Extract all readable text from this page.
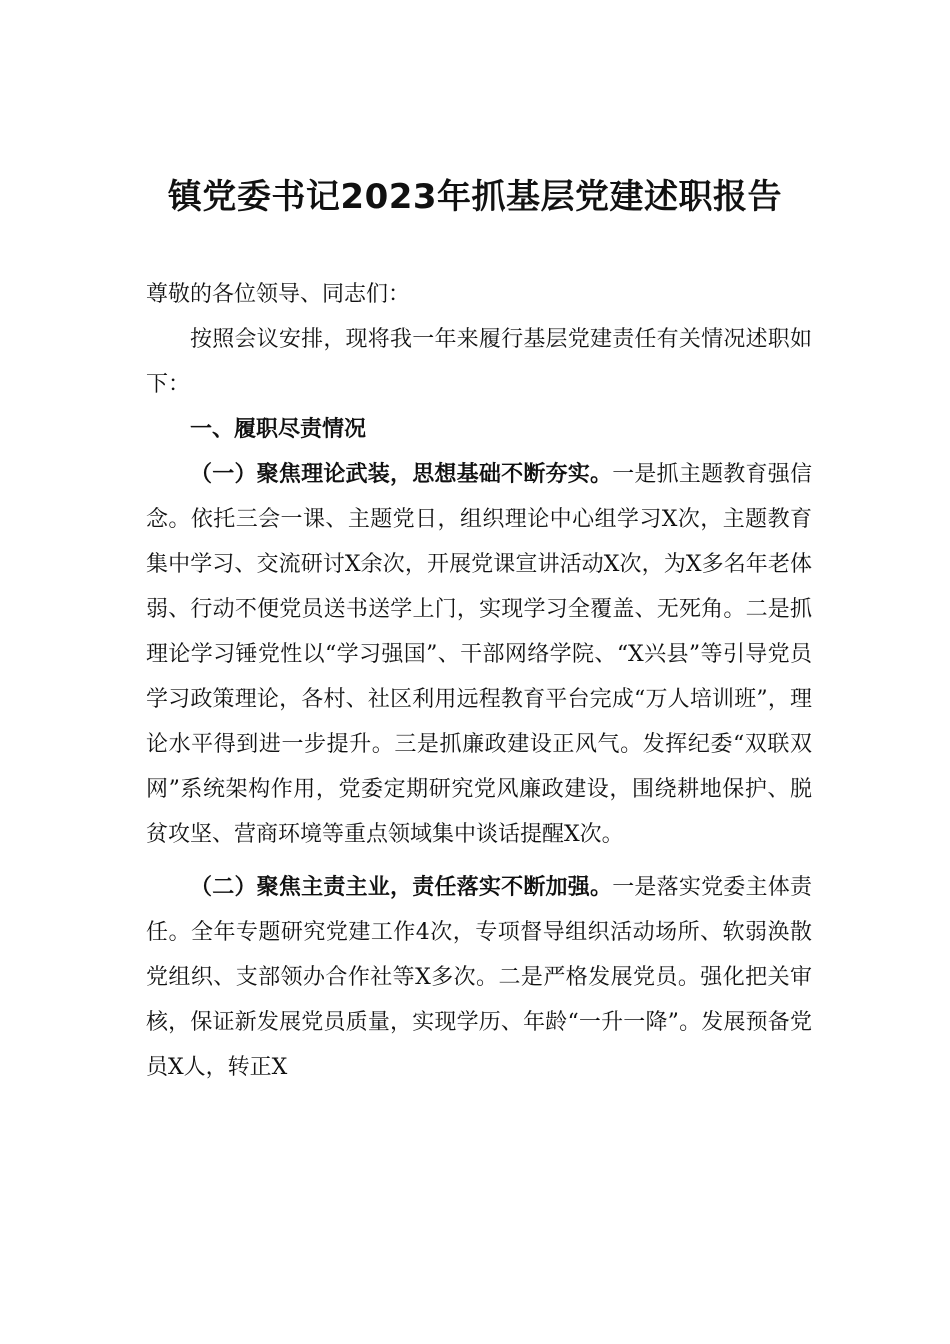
镇党委书记2023年抓基层党建述职报告

尊敬的各位领导、同志们：

按照会议安排，现将我一年来履行基层党建责任有关情况述职如下：

一、履职尽责情况

（一）聚焦理论武装，思想基础不断夯实。一是抓主题教育强信念。依托三会一课、主题党日，组织理论中心组学习X次，主题教育集中学习、交流研讨X余次，开展党课宣讲活动X次，为X多名年老体弱、行动不便党员送书送学上门，实现学习全覆盖、无死角。二是抓理论学习锤党性以“学习强国”、干部网络学院、“X兴县”等引导党员学习政策理论，各村、社区利用远程教育平台完成“万人培训班”，理论水平得到进一步提升。三是抓廉政建设正风气。发挥纪委“双联双网”系统架构作用，党委定期研究党风廉政建设，围绕耕地保护、脱贫攻坚、营商环境等重点领域集中谈话提醒X次。

（二）聚焦主责主业，责任落实不断加强。一是落实党委主体责任。全年专题研究党建工作4次，专项督导组织活动场所、软弱涣散党组织、支部领办合作社等X多次。二是严格发展党员。强化把关审核，保证新发展党员质量，实现学历、年龄“一升一降”。发展预备党员X人，转正X
